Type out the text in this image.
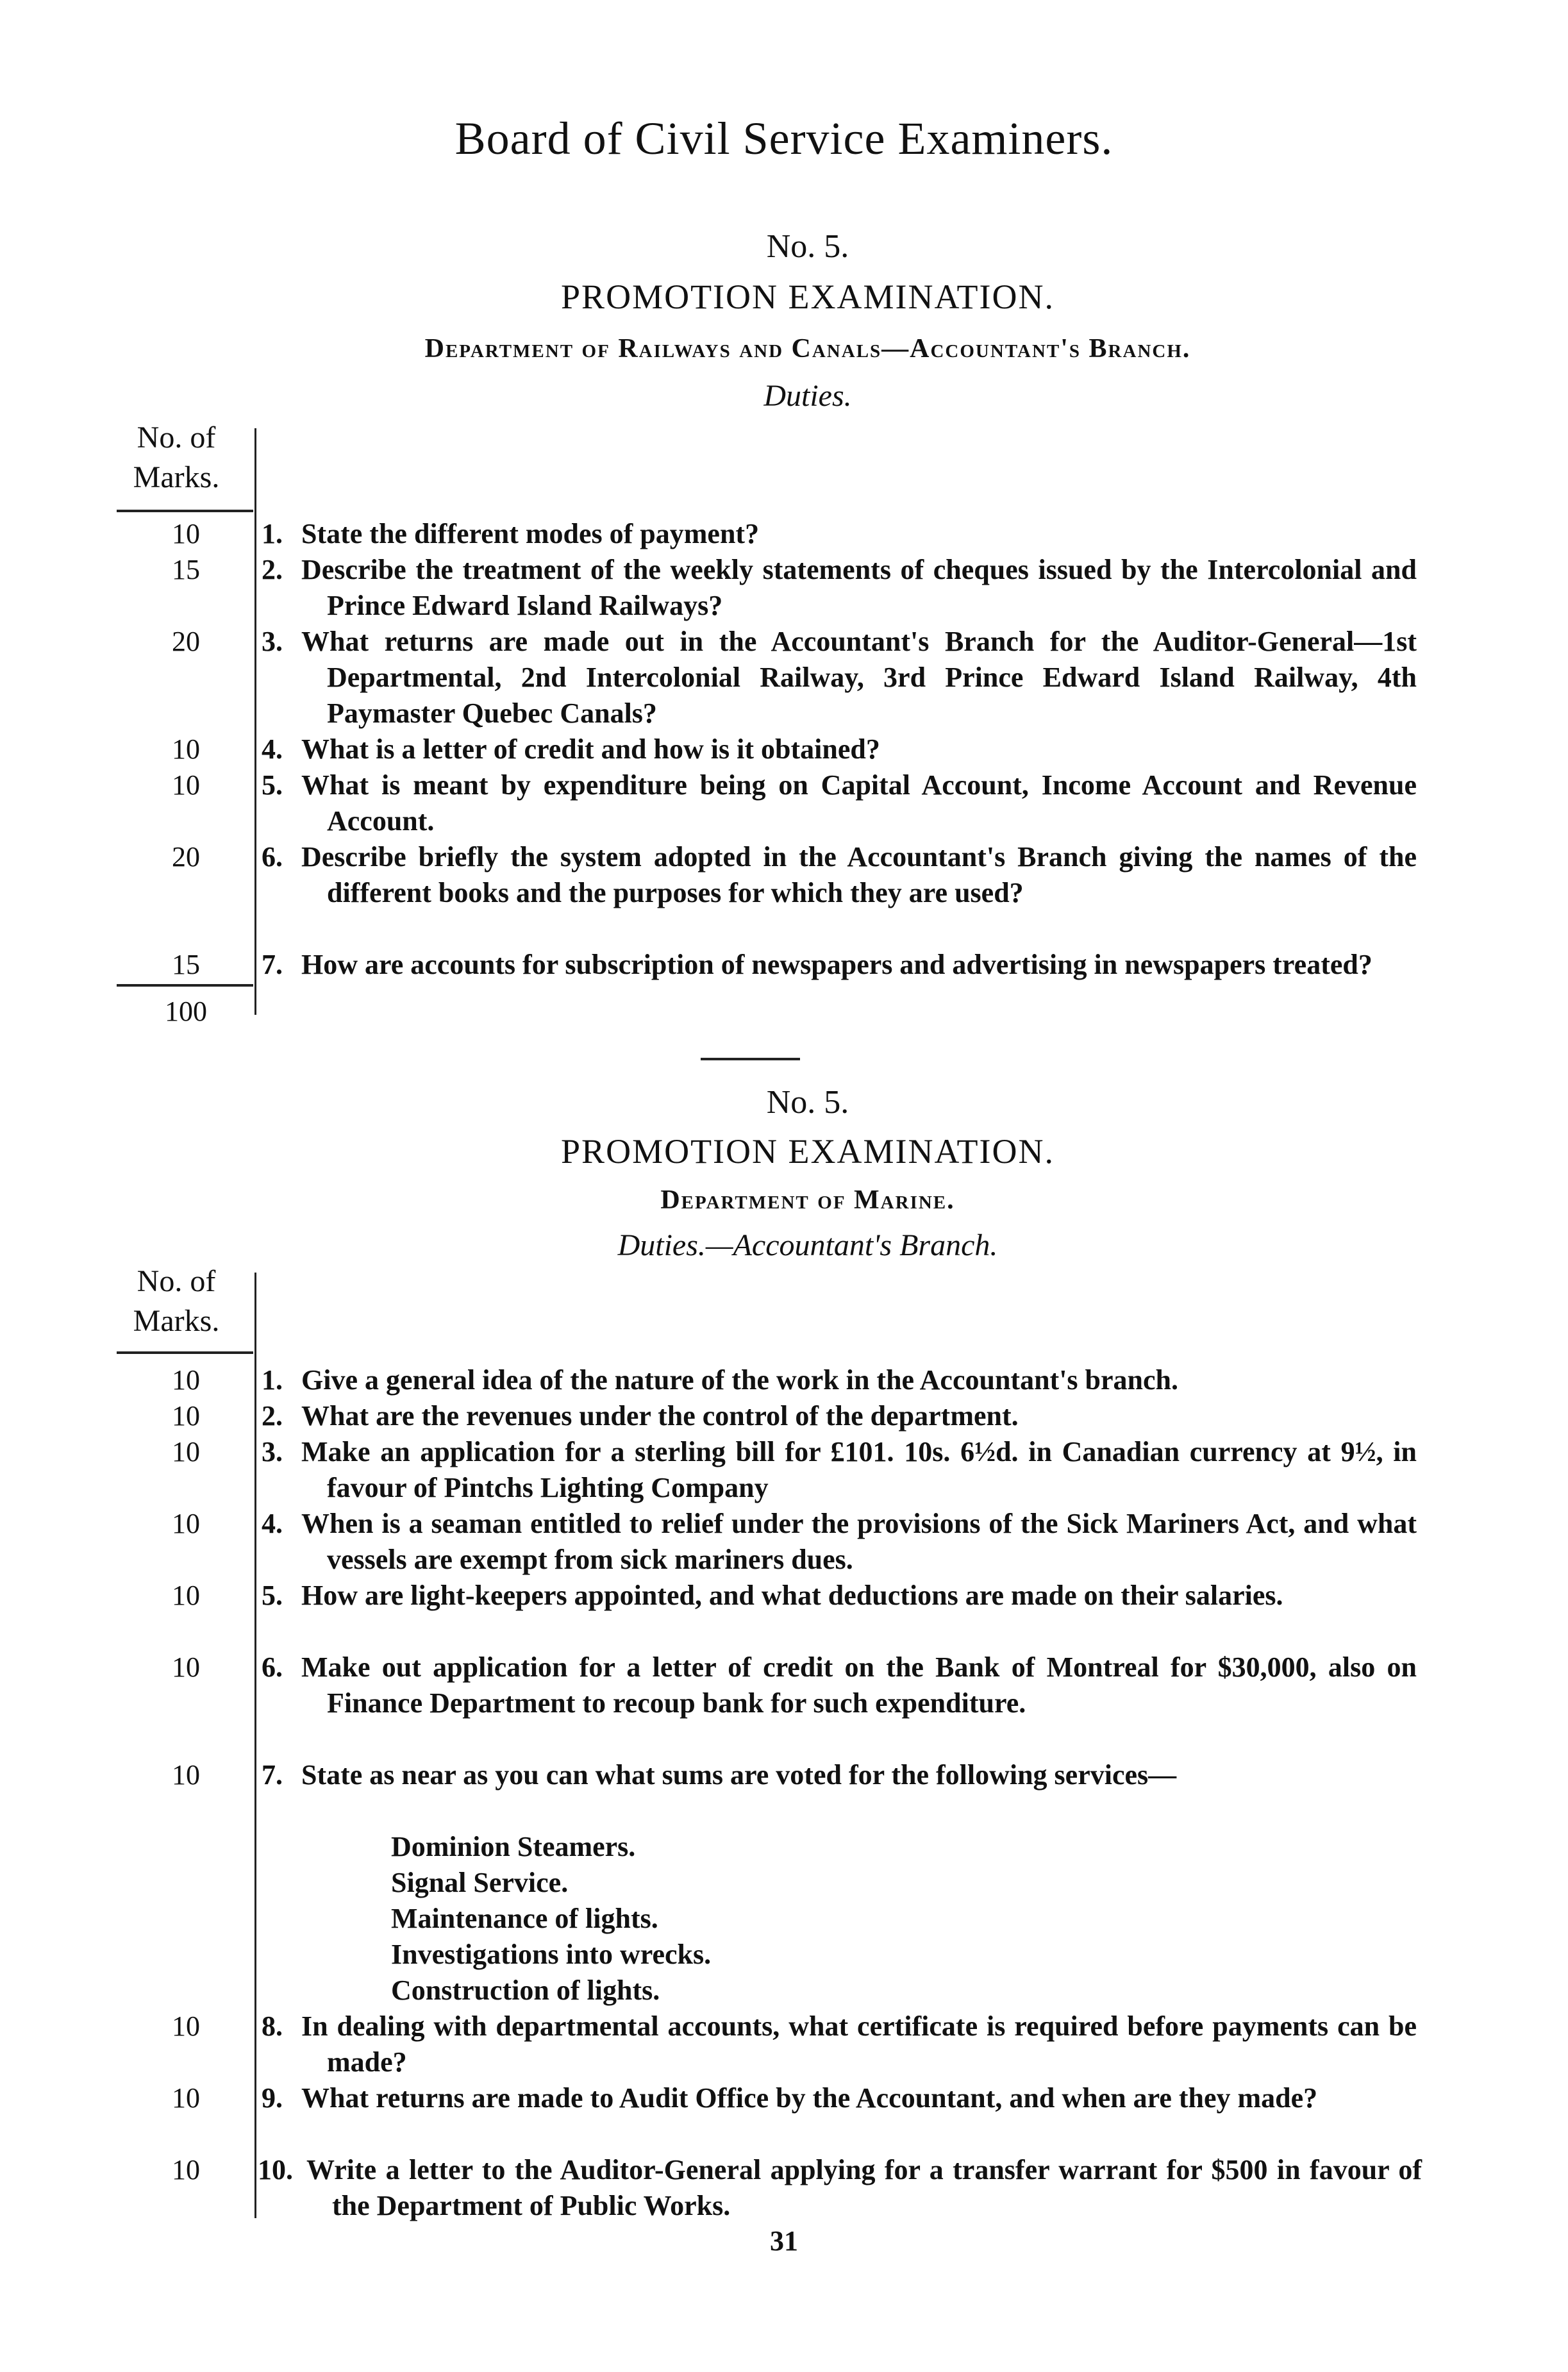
Board of Civil Service Examiners.
No. 5.
PROMOTION EXAMINATION.
Department of Railways and Canals—Accountant's Branch.
Duties.
No. of
Marks.
10	1. State the different modes of payment?
15	2. Describe the treatment of the weekly statements of cheques issued by the Intercolonial and Prince Edward Island Railways?
20	3. What returns are made out in the Accountant's Branch for the Auditor-General—1st Departmental, 2nd Intercolonial Railway, 3rd Prince Edward Island Railway, 4th Paymaster Quebec Canals?
10	4. What is a letter of credit and how is it obtained?
10	5. What is meant by expenditure being on Capital Account, Income Account and Revenue Account.
20	6. Describe briefly the system adopted in the Accountant's Branch giving the names of the different books and the purposes for which they are used?
15	7. How are accounts for subscription of newspapers and advertising in newspapers treated?
100
No. 5.
PROMOTION EXAMINATION.
Department of Marine.
Duties.—Accountant's Branch.
No. of
Marks.
10	1. Give a general idea of the nature of the work in the Accountant's branch.
10	2. What are the revenues under the control of the department.
10	3. Make an application for a sterling bill for £101. 10s. 6½d. in Canadian currency at 9½, in favour of Pintchs Lighting Company
10	4. When is a seaman entitled to relief under the provisions of the Sick Mariners Act, and what vessels are exempt from sick mariners dues.
10	5. How are light-keepers appointed, and what deductions are made on their salaries.
10	6. Make out application for a letter of credit on the Bank of Montreal for $30,000, also on Finance Department to recoup bank for such expenditure.
10	7. State as near as you can what sums are voted for the following services—
Dominion Steamers.
Signal Service.
Maintenance of lights.
Investigations into wrecks.
Construction of lights.
10	8. In dealing with departmental accounts, what certificate is required before payments can be made?
10	9. What returns are made to Audit Office by the Accountant, and when are they made?
10	10. Write a letter to the Auditor-General applying for a transfer warrant for $500 in favour of the Department of Public Works.
31
